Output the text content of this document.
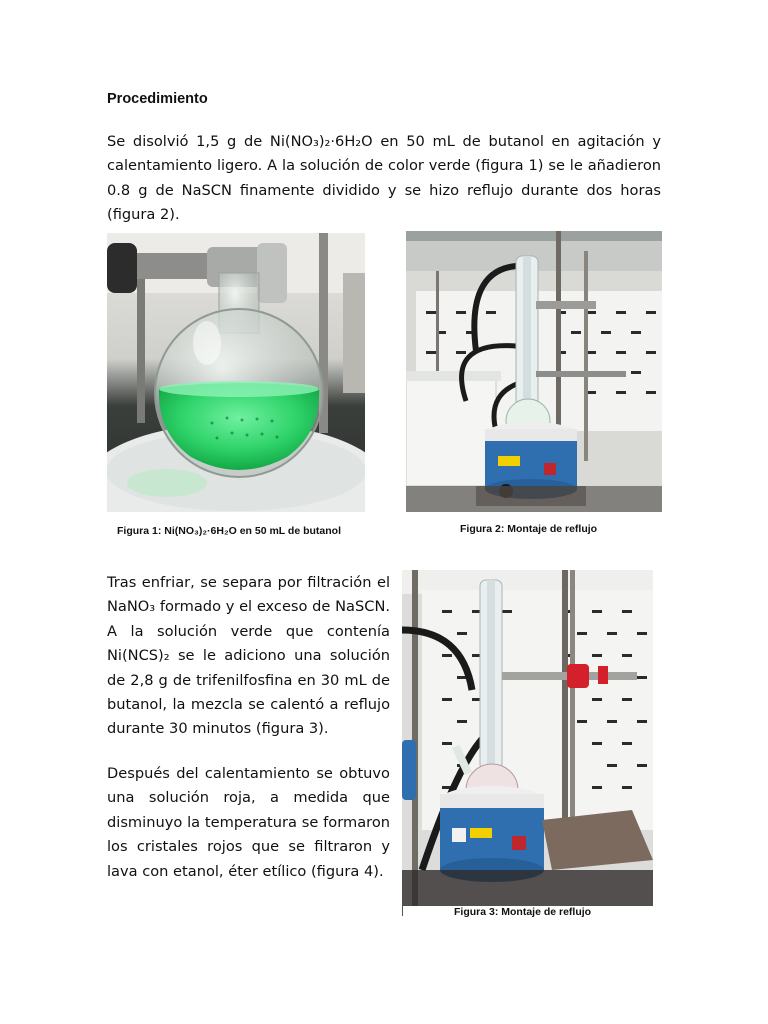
Procedimiento

Se disolvió 1,5 g de Ni(NO₃)₂·6H₂O en 50 mL de butanol en agitación y calentamiento ligero. A la solución de color verde (figura 1) se le añadieron 0.8 g de NaSCN finamente dividido y se hizo reflujo durante dos horas (figura 2).

Figura 1: Ni(NO₃)₂·6H₂O en 50 mL de butanol	Figura 2: Montaje de reflujo

Tras enfriar, se separa por filtración el NaNO₃ formado y el exceso de NaSCN. A la solución verde que contenía Ni(NCS)₂ se le adiciono una solución de 2,8 g de trifenilfosfina en 30 mL de butanol, la mezcla se calentó a reflujo durante 30 minutos (figura 3).

Después del calentamiento se obtuvo una solución roja, a medida que disminuyo la temperatura se formaron los cristales rojos que se filtraron y lava con etanol, éter etílico (figura 4).

Figura 3: Montaje de reflujo
